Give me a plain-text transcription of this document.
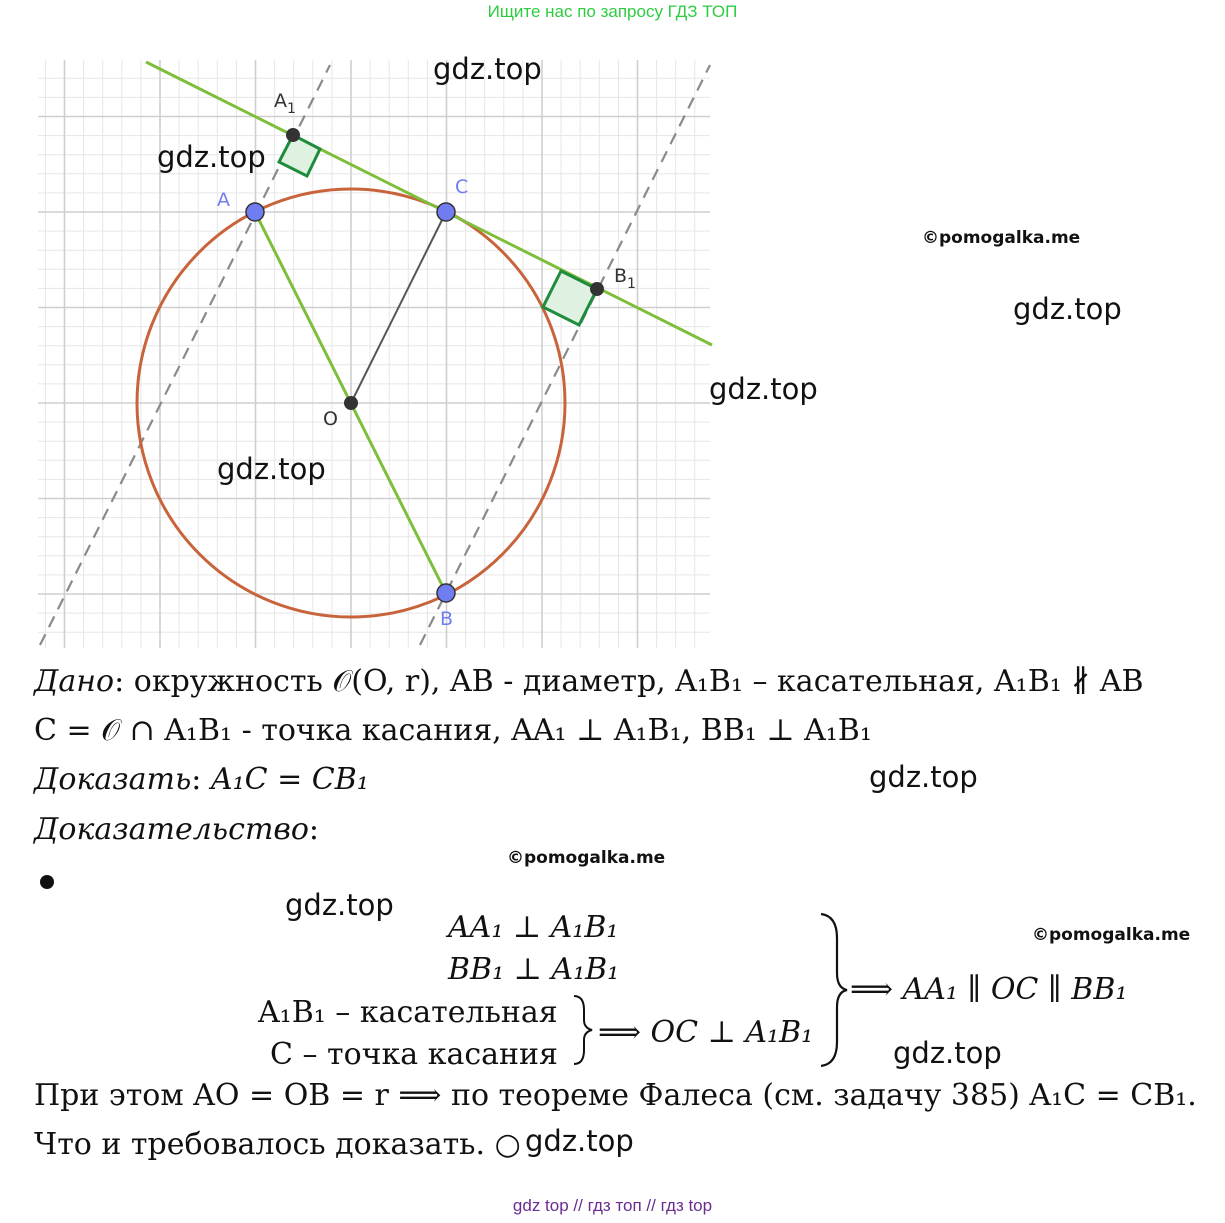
Ищите нас по запросу ГДЗ ТОП
$A_1$
A
C
$B_1$
O
B
gdz.top
gdz.top
gdz.top
gdz.top
gdz.top
gdz.top
gdz.top
gdz.top
gdz.top
©pomogalka.me
©pomogalka.me
©pomogalka.me
Дано: окружность 𝒪(O, r), AB - диаметр, A₁B₁ – касательная, A₁B₁ ∦ AB
C = 𝒪 ∩ A₁B₁ - точка касания, AA₁ ⊥ A₁B₁, BB₁ ⊥ A₁B₁
Доказать: A₁C = CB₁
Доказательство:
AA₁ ⊥ A₁B₁
BB₁ ⊥ A₁B₁
A₁B₁ – касательная
C – точка касания
⟹ OC ⊥ A₁B₁
⟹ AA₁ ∥ OC ∥ BB₁
При этом AO = OB = r ⟹ по теореме Фалеса (см. задачу 385) A₁C = CB₁.
Что и требовалось доказать. ○
gdz top // гдз топ // гдз top
